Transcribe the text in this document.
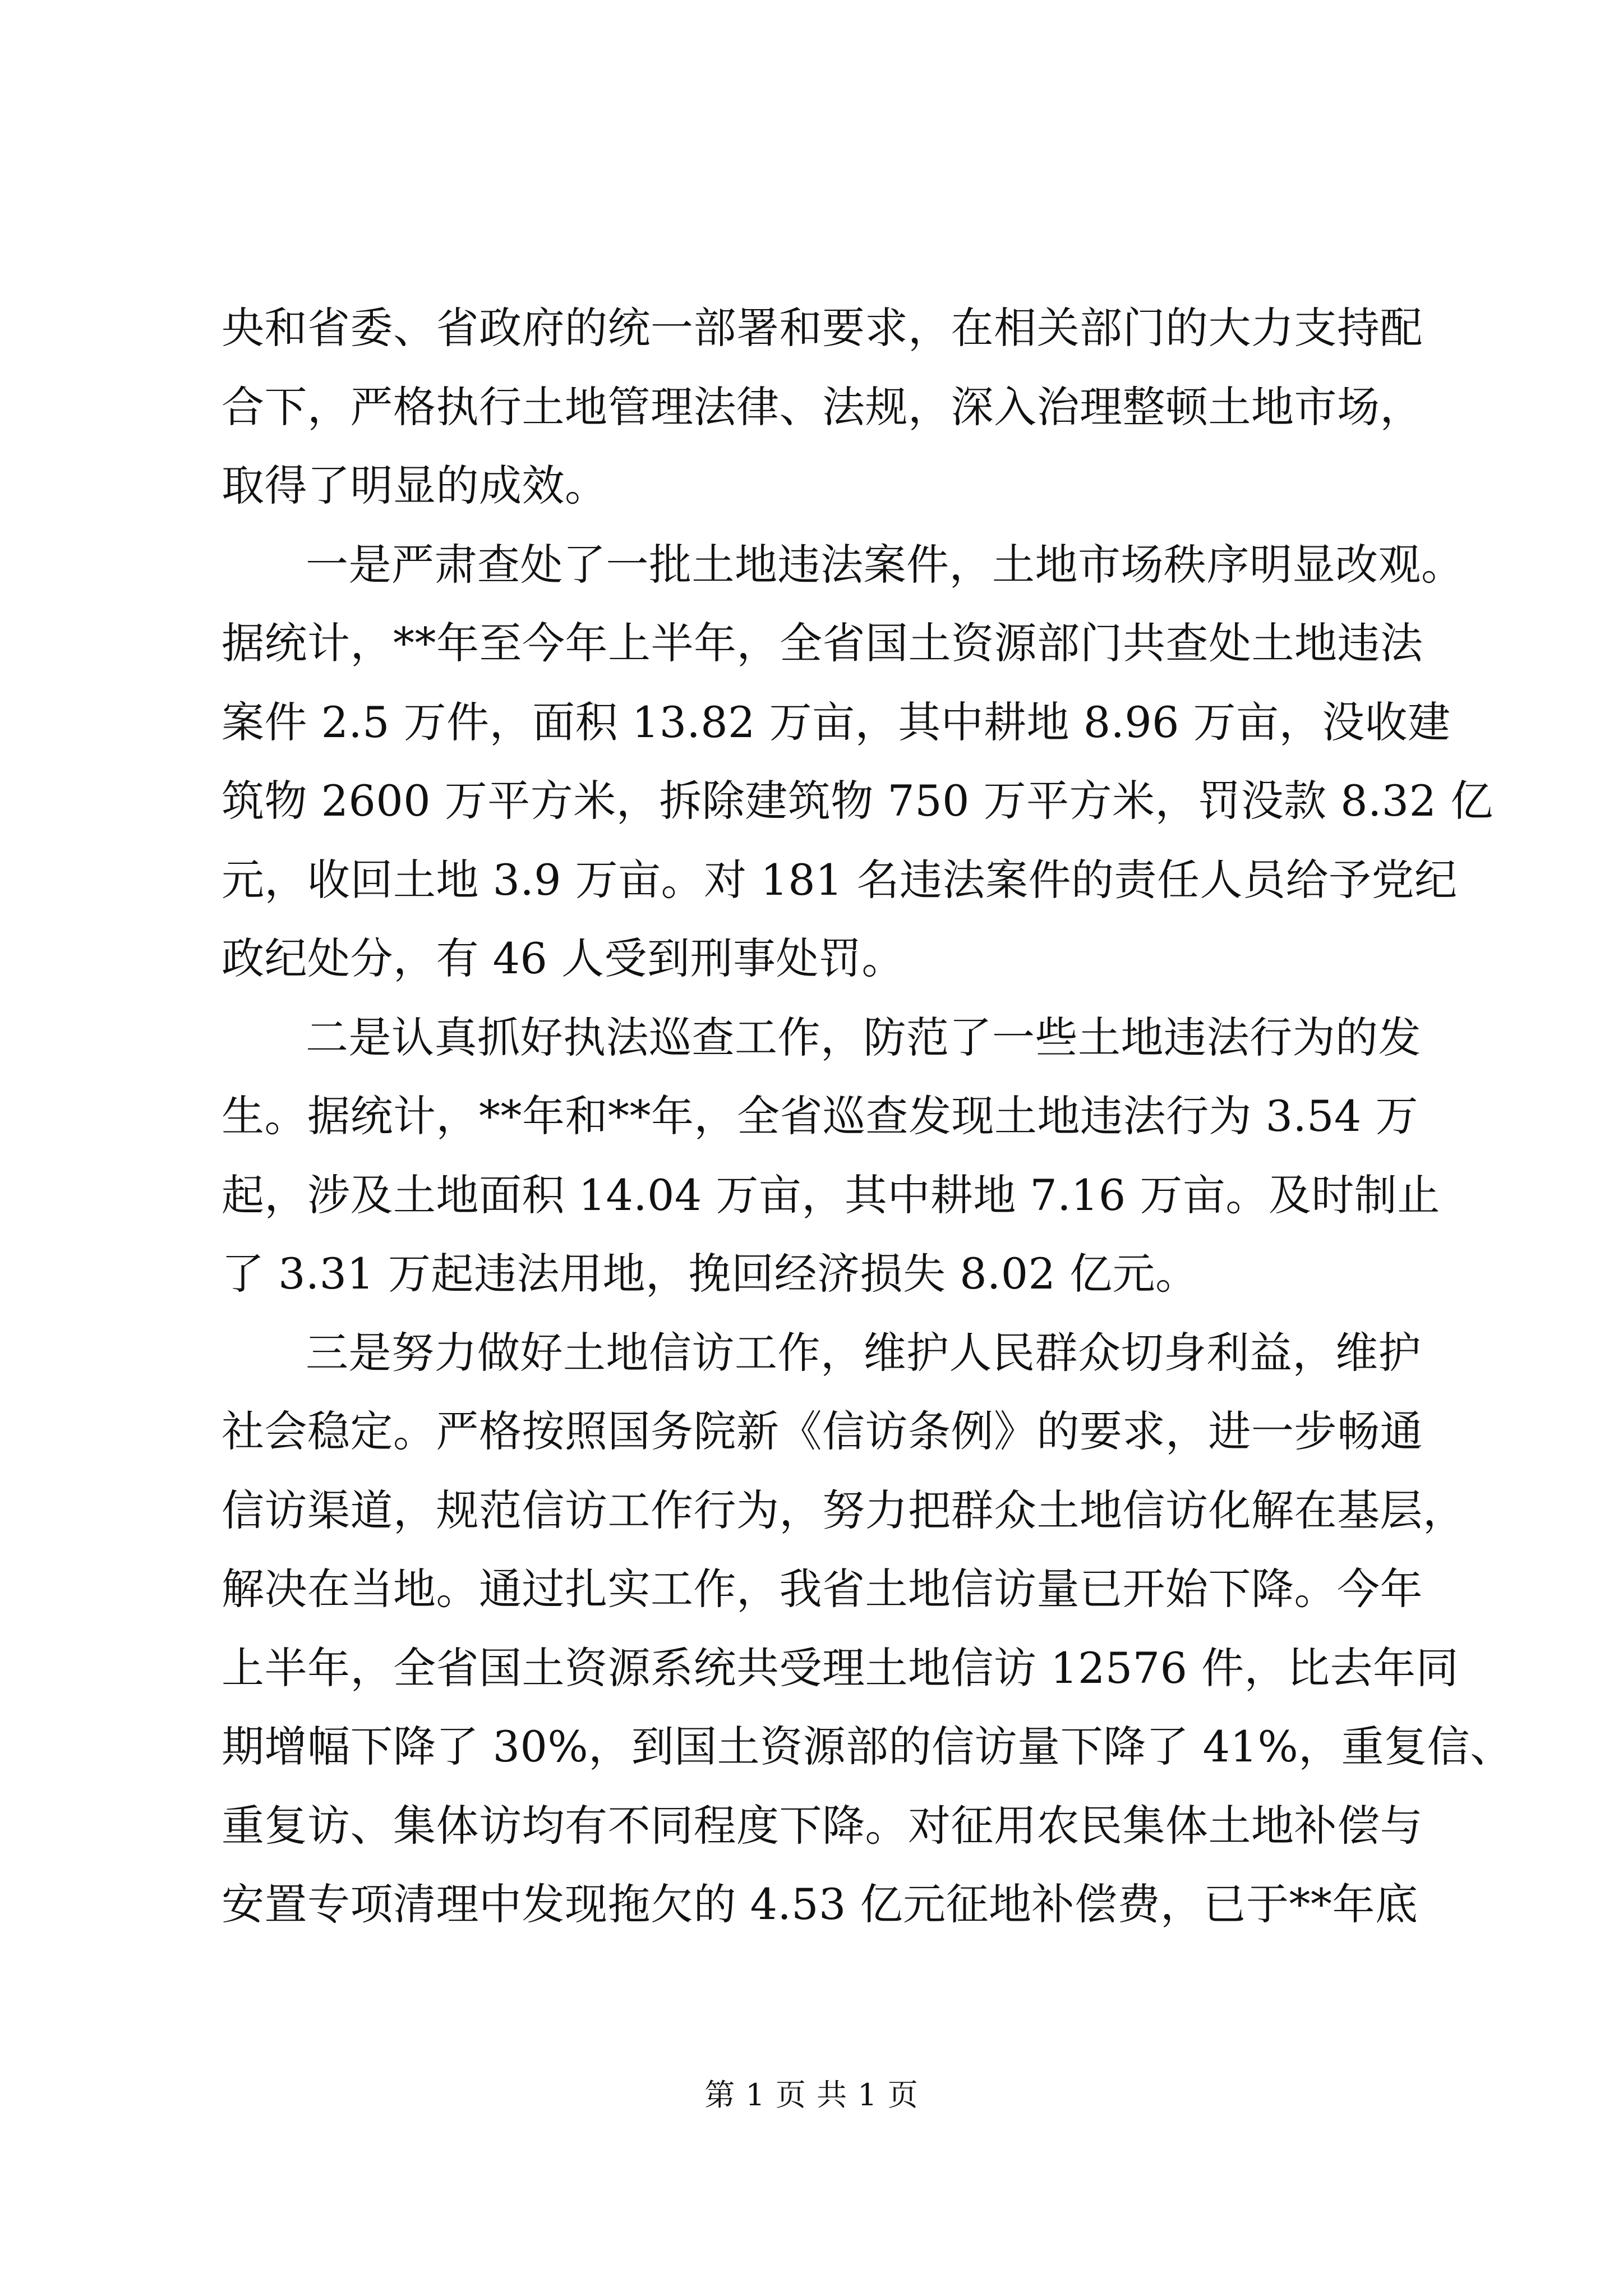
央和省委、省政府的统一部署和要求，在相关部门的大力支持配
合下，严格执行土地管理法律、法规，深入治理整顿土地市场，
取得了明显的成效。
一是严肃查处了一批土地违法案件，土地市场秩序明显改观。
据统计，**年至今年上半年，全省国土资源部门共查处土地违法
案件 2.5 万件，面积 13.82 万亩，其中耕地 8.96 万亩，没收建
筑物 2600 万平方米，拆除建筑物 750 万平方米，罚没款 8.32 亿
元，收回土地 3.9 万亩。对 181 名违法案件的责任人员给予党纪
政纪处分，有 46 人受到刑事处罚。
二是认真抓好执法巡查工作，防范了一些土地违法行为的发
生。据统计，**年和**年，全省巡查发现土地违法行为 3.54 万
起，涉及土地面积 14.04 万亩，其中耕地 7.16 万亩。及时制止
了 3.31 万起违法用地，挽回经济损失 8.02 亿元。
三是努力做好土地信访工作，维护人民群众切身利益，维护
社会稳定。严格按照国务院新《信访条例》的要求，进一步畅通
信访渠道，规范信访工作行为，努力把群众土地信访化解在基层，
解决在当地。通过扎实工作，我省土地信访量已开始下降。今年
上半年，全省国土资源系统共受理土地信访 12576 件，比去年同
期增幅下降了 30%，到国土资源部的信访量下降了 41%，重复信、
重复访、集体访均有不同程度下降。对征用农民集体土地补偿与
安置专项清理中发现拖欠的 4.53 亿元征地补偿费，已于**年底
第 1 页 共 1 页
